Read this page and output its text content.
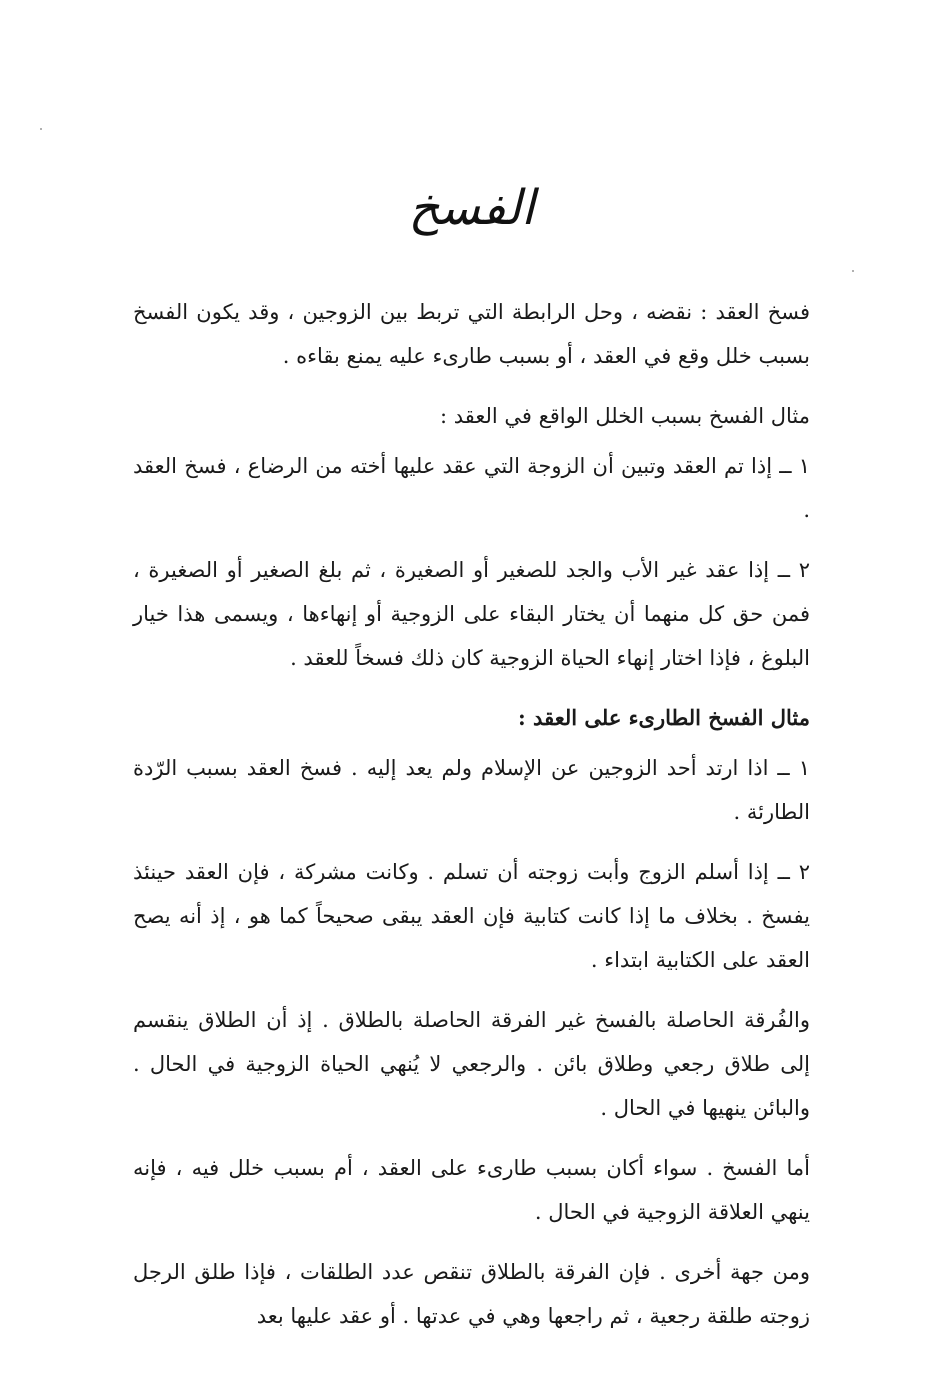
الفسخ

فسخ العقد : نقضه ، وحل الرابطة التي تربط بين الزوجين ، وقد يكون الفسخ بسبب خلل وقع في العقد ، أو بسبب طارىء عليه يمنع بقاءه .

مثال الفسخ بسبب الخلل الواقع في العقد :

١ ــ إذا تم العقد وتبين أن الزوجة التي عقد عليها أخته من الرضاع ، فسخ العقد .

٢ ــ إذا عقد غير الأب والجد للصغير أو الصغيرة ، ثم بلغ الصغير أو الصغيرة ، فمن حق كل منهما أن يختار البقاء على الزوجية أو إنهاءها ، ويسمى هذا خيار البلوغ ، فإذا اختار إنهاء الحياة الزوجية كان ذلك فسخاً للعقد .

مثال الفسخ الطارىء على العقد :

١ ــ اذا ارتد أحد الزوجين عن الإسلام ولم يعد إليه . فسخ العقد بسبب الرّدة الطارئة .

٢ ــ إذا أسلم الزوج وأبت زوجته أن تسلم . وكانت مشركة ، فإن العقد حينئذ يفسخ . بخلاف ما إذا كانت كتابية فإن العقد يبقى صحيحاً كما هو ، إذ أنه يصح العقد على الكتابية ابتداء .

والفُرقة الحاصلة بالفسخ غير الفرقة الحاصلة بالطلاق . إذ أن الطلاق ينقسم إلى طلاق رجعي وطلاق بائن . والرجعي لا يُنهي الحياة الزوجية في الحال . والبائن ينهيها في الحال .

أما الفسخ . سواء أكان بسبب طارىء على العقد ، أم بسبب خلل فيه ، فإنه ينهي العلاقة الزوجية في الحال .

ومن جهة أخرى . فإن الفرقة بالطلاق تنقص عدد الطلقات ، فإذا طلق الرجل زوجته طلقة رجعية ، ثم راجعها وهي في عدتها . أو عقد عليها بعد
